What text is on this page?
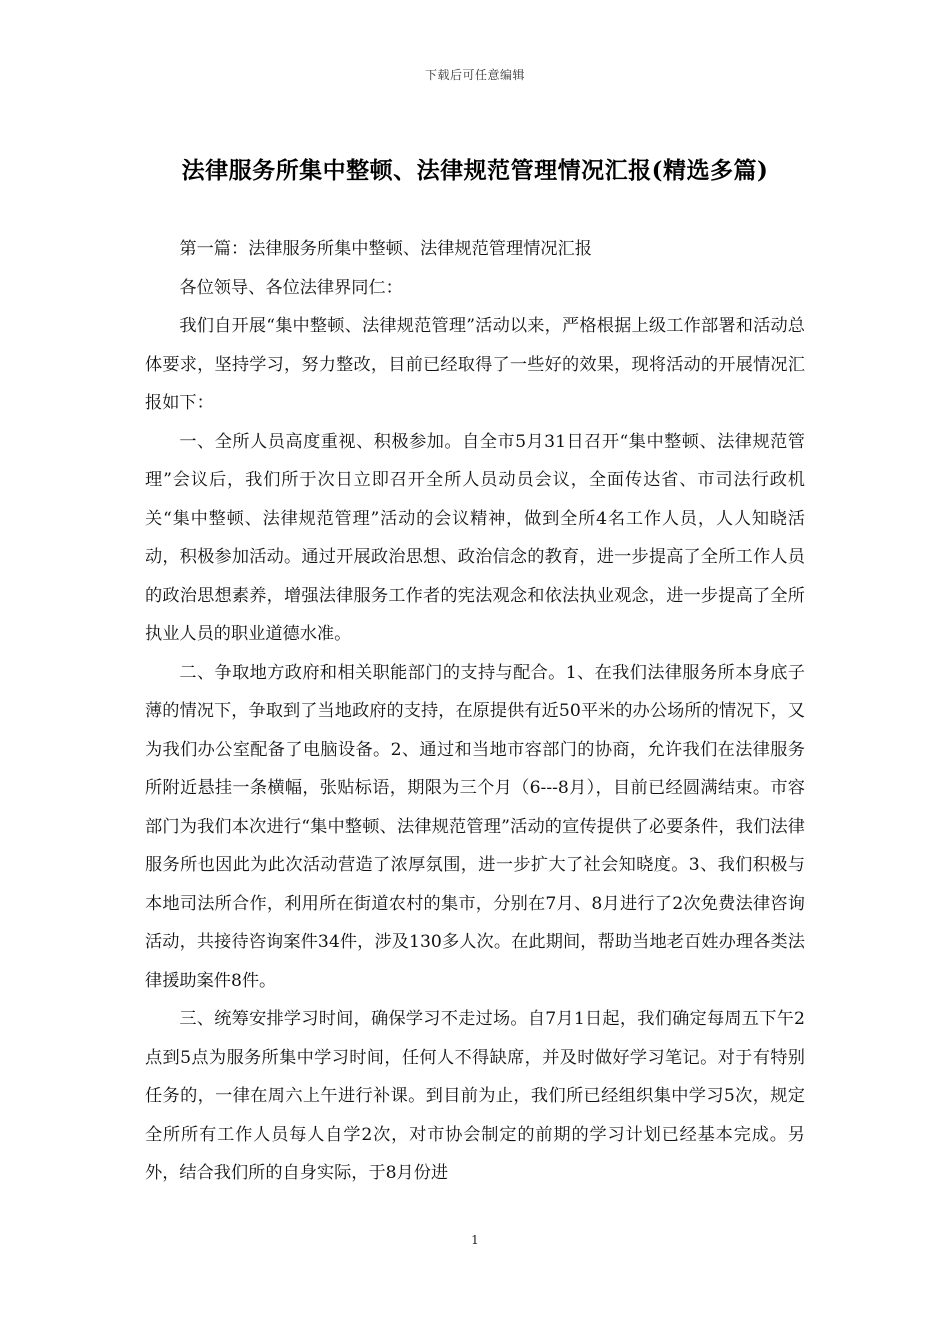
下载后可任意编辑
法律服务所集中整顿、法律规范管理情况汇报(精选多篇)

第一篇：法律服务所集中整顿、法律规范管理情况汇报

各位领导、各位法律界同仁：

我们自开展“集中整顿、法律规范管理”活动以来，严格根据上级工作部署和活动总体要求，坚持学习，努力整改，目前已经取得了一些好的效果，现将活动的开展情况汇报如下：

一、全所人员高度重视、积极参加。自全市5月31日召开“集中整顿、法律规范管理”会议后，我们所于次日立即召开全所人员动员会议，全面传达省、市司法行政机关“集中整顿、法律规范管理”活动的会议精神，做到全所4名工作人员，人人知晓活动，积极参加活动。通过开展政治思想、政治信念的教育，进一步提高了全所工作人员的政治思想素养，增强法律服务工作者的宪法观念和依法执业观念，进一步提高了全所执业人员的职业道德水准。

二、争取地方政府和相关职能部门的支持与配合。1、在我们法律服务所本身底子薄的情况下，争取到了当地政府的支持，在原提供有近50平米的办公场所的情况下，又为我们办公室配备了电脑设备。2、通过和当地市容部门的协商，允许我们在法律服务所附近悬挂一条横幅，张贴标语，期限为三个月（6---8月），目前已经圆满结束。市容部门为我们本次进行“集中整顿、法律规范管理”活动的宣传提供了必要条件，我们法律服务所也因此为此次活动营造了浓厚氛围，进一步扩大了社会知晓度。3、我们积极与本地司法所合作，利用所在街道农村的集市，分别在7月、8月进行了2次免费法律咨询活动，共接待咨询案件34件，涉及130多人次。在此期间，帮助当地老百姓办理各类法律援助案件8件。

三、统筹安排学习时间，确保学习不走过场。自7月1日起，我们确定每周五下午2点到5点为服务所集中学习时间，任何人不得缺席，并及时做好学习笔记。对于有特别任务的，一律在周六上午进行补课。到目前为止，我们所已经组织集中学习5次，规定全所所有工作人员每人自学2次，对市协会制定的前期的学习计划已经基本完成。另外，结合我们所的自身实际，于8月份进

1
